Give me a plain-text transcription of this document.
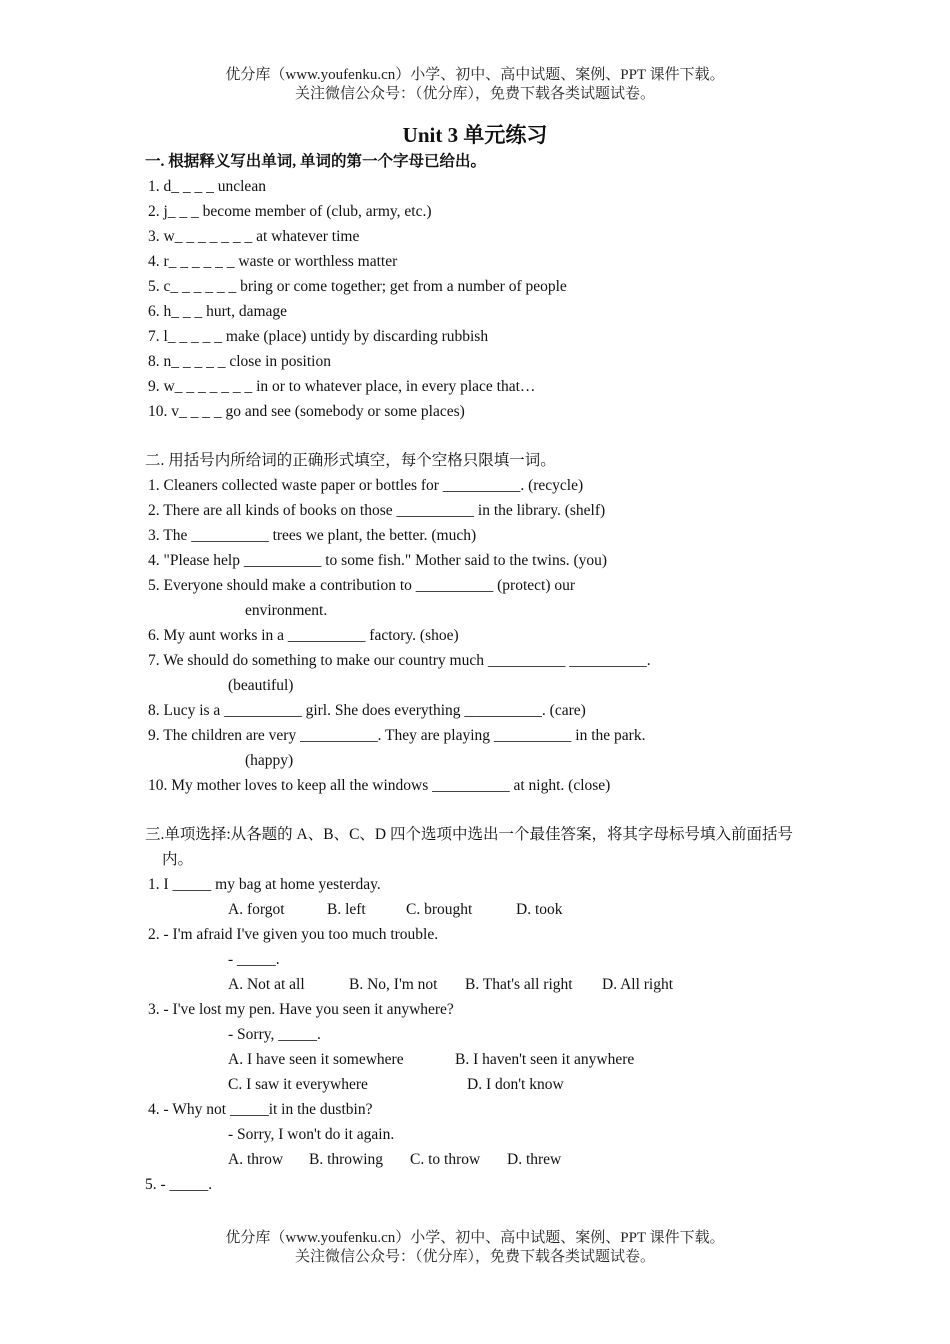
优分库（www.youfenku.cn）小学、初中、高中试题、案例、PPT 课件下载。
关注微信公众号：（优分库），免费下载各类试题试卷。
Unit 3 单元练习
一. 根据释义写出单词, 单词的第一个字母已给出。
1. d_ _ _ _ unclean
2. j_ _ _ become member of (club, army, etc.)
3. w_ _ _ _ _ _ _ at whatever time
4. r_ _ _ _ _ _ waste or worthless matter
5. c_ _ _ _ _ _ bring or come together; get from a number of people
6. h_ _ _ hurt, damage
7. l_ _ _ _ _ make (place) untidy by discarding rubbish
8. n_ _ _ _ _ close in position
9. w_ _ _ _ _ _ _ in or to whatever place, in every place that…
10. v_ _ _ _ go and see (somebody or some places)
二. 用括号内所给词的正确形式填空，每个空格只限填一词。
1. Cleaners collected waste paper or bottles for __________. (recycle)
2. There are all kinds of books on those __________ in the library. (shelf)
3. The __________ trees we plant, the better. (much)
4. "Please help __________ to some fish." Mother said to the twins. (you)
5. Everyone should make a contribution to __________ (protect) our
environment.
6. My aunt works in a __________ factory. (shoe)
7. We should do something to make our country much __________ __________.
(beautiful)
8. Lucy is a __________ girl. She does everything __________. (care)
9. The children are very __________. They are playing __________ in the park.
(happy)
10. My mother loves to keep all the windows __________ at night. (close)
三.单项选择:从各题的 A、B、C、D 四个选项中选出一个最佳答案，将其字母标号填入前面括号
内。
1. I _____ my bag at home yesterday.
A. forgot	B. left	C. brought	D. took
2. - I'm afraid I've given you too much trouble.
- _____.
A. Not at all	B. No, I'm not B. That's all right D. All right
3. - I've lost my pen. Have you seen it anywhere?
- Sorry, _____.
A. I have seen it somewhere	B. I haven't seen it anywhere
C. I saw it everywhere	D. I don't know
4. - Why not _____it in the dustbin?
- Sorry, I won't do it again.
A. throw B. throwing C. to throw D. threw
5. - _____.
优分库（www.youfenku.cn）小学、初中、高中试题、案例、PPT 课件下载。
关注微信公众号：（优分库），免费下载各类试题试卷。
